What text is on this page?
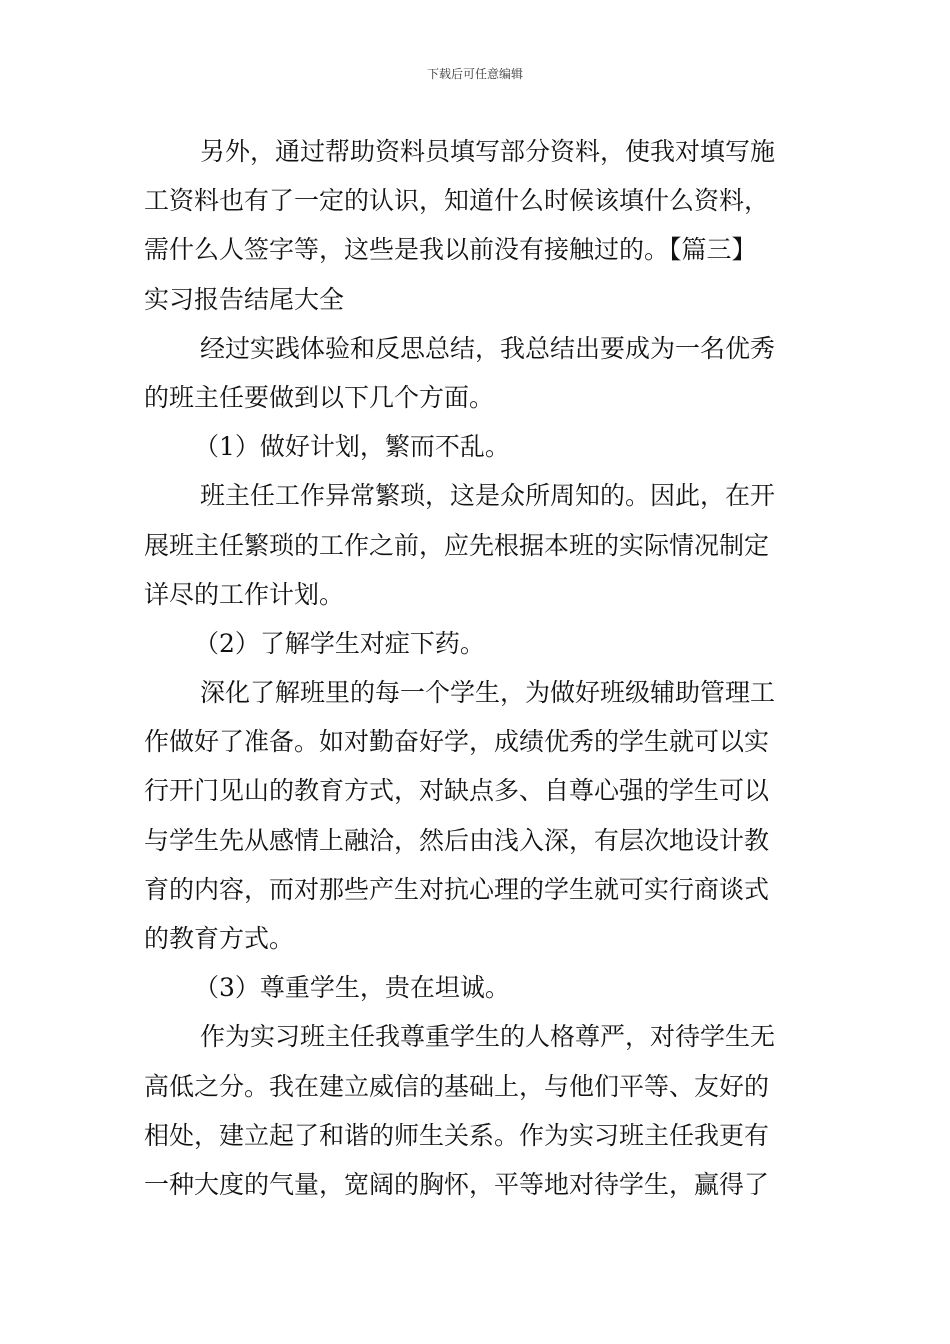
下载后可任意编辑
另外，通过帮助资料员填写部分资料，使我对填写施
工资料也有了一定的认识，知道什么时候该填什么资料，
需什么人签字等，这些是我以前没有接触过的。【篇三】
实习报告结尾大全
经过实践体验和反思总结，我总结出要成为一名优秀
的班主任要做到以下几个方面。
（1）做好计划，繁而不乱。
班主任工作异常繁琐，这是众所周知的。因此，在开
展班主任繁琐的工作之前，应先根据本班的实际情况制定
详尽的工作计划。
（2）了解学生对症下药。
深化了解班里的每一个学生，为做好班级辅助管理工
作做好了准备。如对勤奋好学，成绩优秀的学生就可以实
行开门见山的教育方式，对缺点多、自尊心强的学生可以
与学生先从感情上融洽，然后由浅入深，有层次地设计教
育的内容，而对那些产生对抗心理的学生就可实行商谈式
的教育方式。
（3）尊重学生，贵在坦诚。
作为实习班主任我尊重学生的人格尊严，对待学生无
高低之分。我在建立威信的基础上，与他们平等、友好的
相处，建立起了和谐的师生关系。作为实习班主任我更有
一种大度的气量，宽阔的胸怀，平等地对待学生，赢得了
